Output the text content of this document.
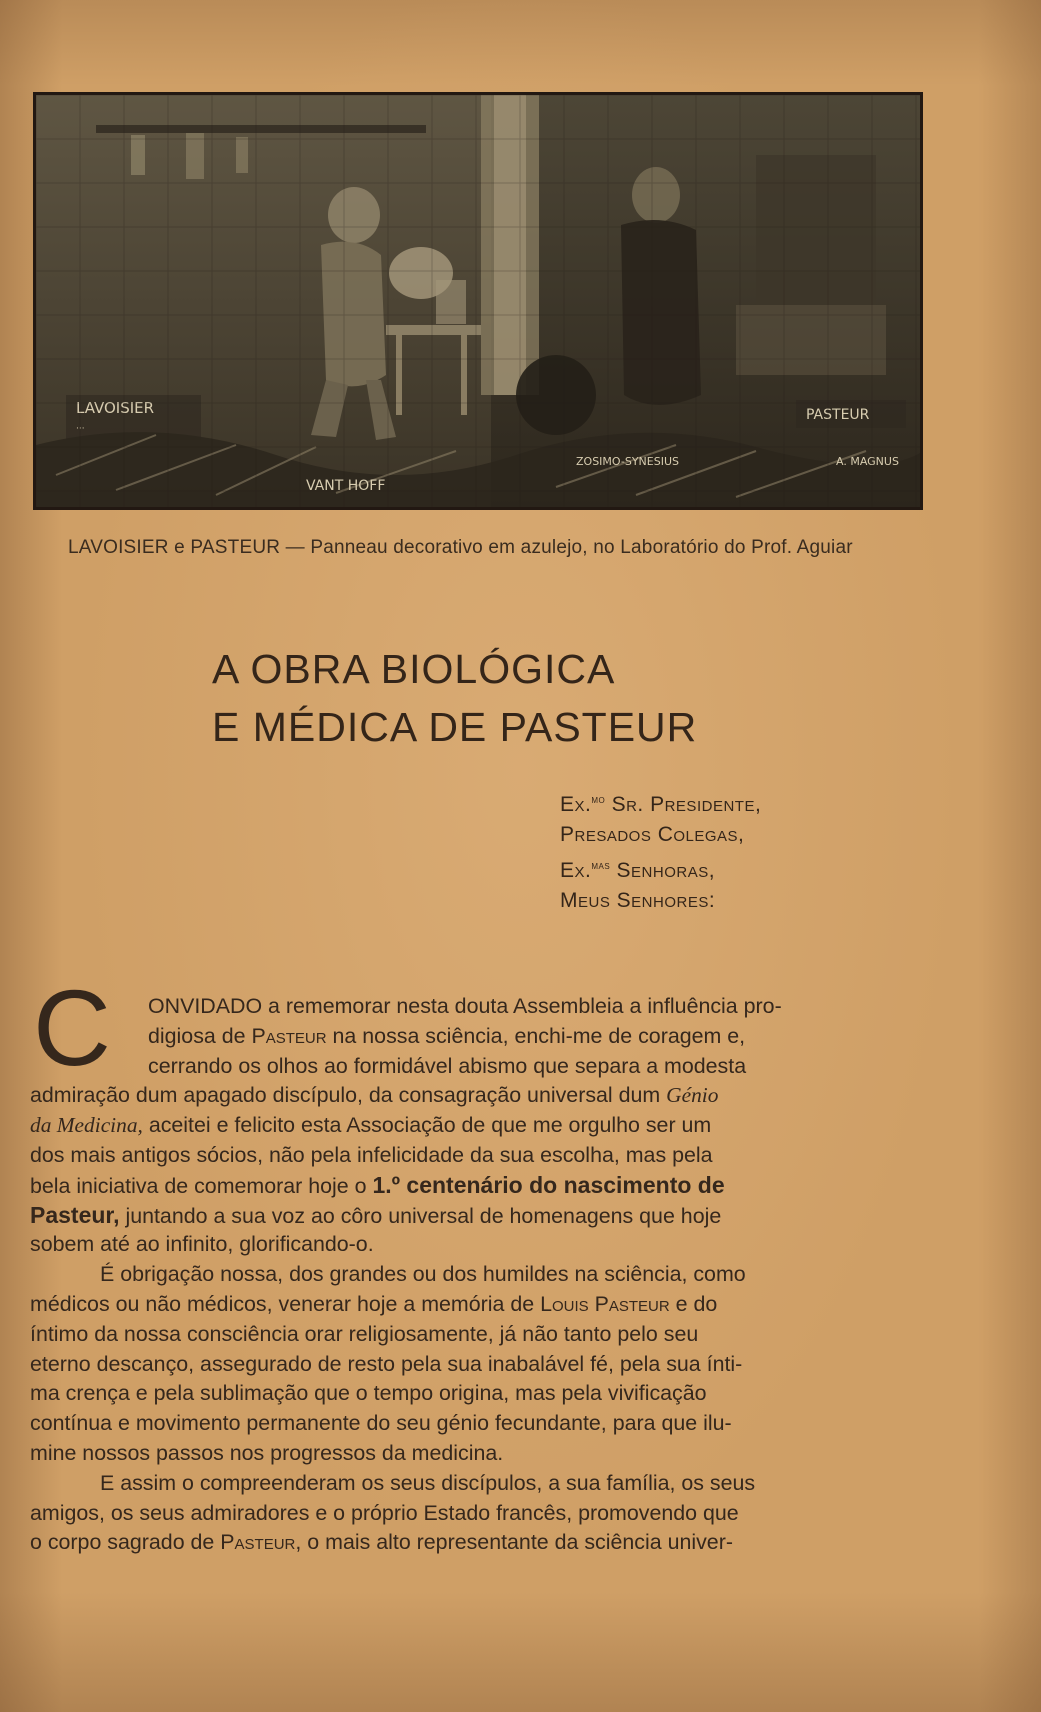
LAVOISIER e PASTEUR — Panneau decorativo em azulejo, no Laboratório do Prof. Aguiar
A OBRA BIOLÓGICA
E MÉDICA DE PASTEUR
Ex.$^{mo}$ Sr. Presidente,
Presados Colegas,
Ex.$^{mas}$ Senhoras,
Meus Senhores:
C ONVIDADO a rememorar nesta douta Assembleia a influência pro-
digiosa de Pasteur na nossa sciência, enchi-me de coragem e,
cerrando os olhos ao formidável abismo que separa a modesta
admiração dum apagado discípulo, da consagração universal dum Génio
da Medicina, aceitei e felicito esta Associação de que me orgulho ser um
dos mais antigos sócios, não pela infelicidade da sua escolha, mas pela
bela iniciativa de comemorar hoje o 1.º centenário do nascimento de
Pasteur, juntando a sua voz ao côro universal de homenagens que hoje
sobem até ao infinito, glorificando-o.
É obrigação nossa, dos grandes ou dos humildes na sciência, como
médicos ou não médicos, venerar hoje a memória de Louis Pasteur e do
íntimo da nossa consciência orar religiosamente, já não tanto pelo seu
eterno descanço, assegurado de resto pela sua inabalável fé, pela sua ínti-
ma crença e pela sublimação que o tempo origina, mas pela vivificação
contínua e movimento permanente do seu génio fecundante, para que ilu-
mine nossos passos nos progressos da medicina.
E assim o compreenderam os seus discípulos, a sua família, os seus
amigos, os seus admiradores e o próprio Estado francês, promovendo que
o corpo sagrado de Pasteur, o mais alto representante da sciência univer-
